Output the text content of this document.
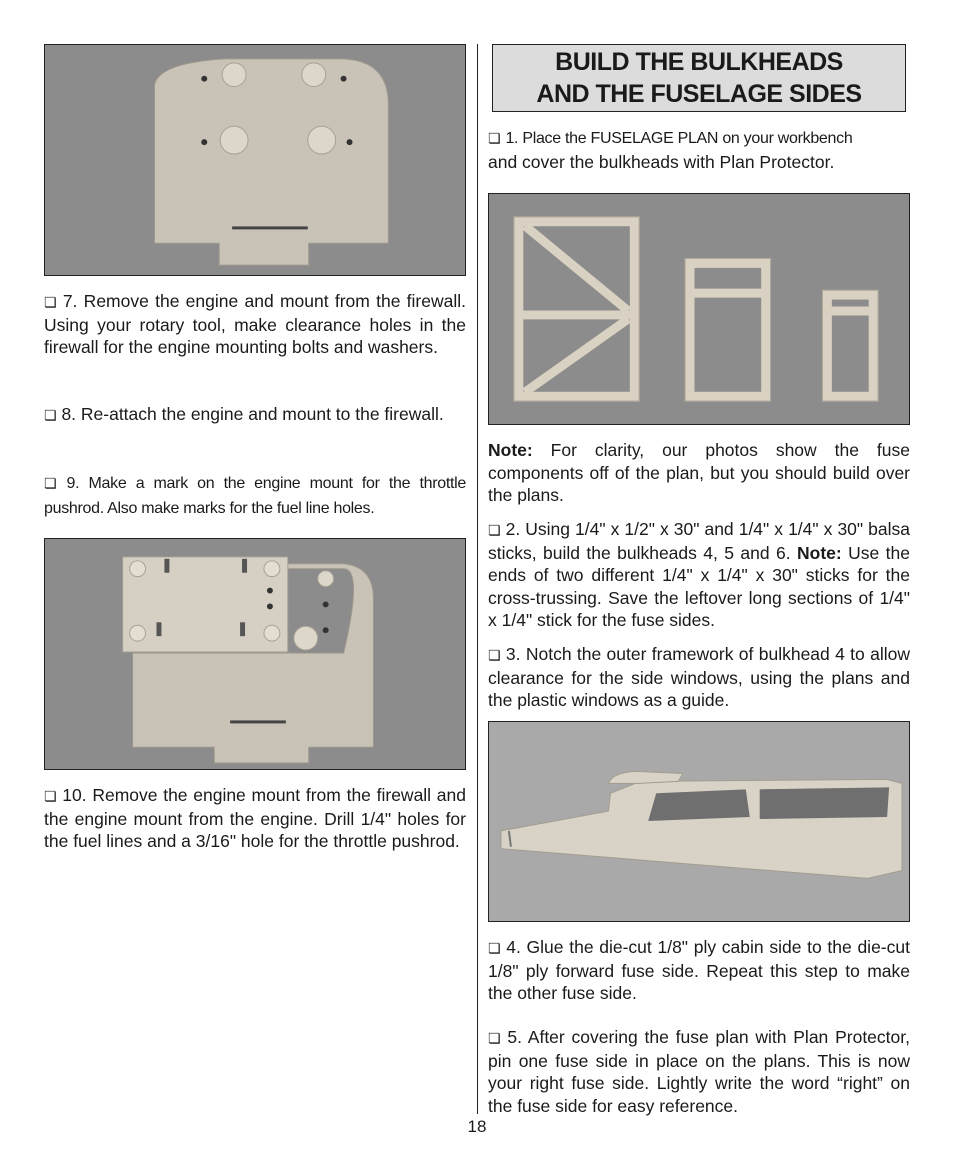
❏ 7. Remove the engine and mount from the firewall. Using your rotary tool, make clearance holes in the firewall for the engine mounting bolts and washers.

❏ 8. Re-attach the engine and mount to the firewall.

❏ 9. Make a mark on the engine mount for the throttle pushrod. Also make marks for the fuel line holes.

❏ 10. Remove the engine mount from the firewall and the engine mount from the engine. Drill 1/4" holes for the fuel lines and a 3/16" hole for the throttle pushrod.

BUILD THE BULKHEADS
AND THE FUSELAGE SIDES

❏ 1. Place the FUSELAGE PLAN on your workbench
and cover the bulkheads with Plan Protector.

Note: For clarity, our photos show the fuse components off of the plan, but you should build over the plans.

❏ 2. Using 1/4" x 1/2" x 30" and 1/4" x 1/4" x 30" balsa sticks, build the bulkheads 4, 5 and 6. Note: Use the ends of two different 1/4" x 1/4" x 30" sticks for the cross-trussing. Save the leftover long sections of 1/4" x 1/4" stick for the fuse sides.

❏ 3. Notch the outer framework of bulkhead 4 to allow clearance for the side windows, using the plans and the plastic windows as a guide.

❏ 4. Glue the die-cut 1/8" ply cabin side to the die-cut 1/8" ply forward fuse side. Repeat this step to make the other fuse side.

❏ 5. After covering the fuse plan with Plan Protector, pin one fuse side in place on the plans. This is now your right fuse side. Lightly write the word “right” on the fuse side for easy reference.

18
